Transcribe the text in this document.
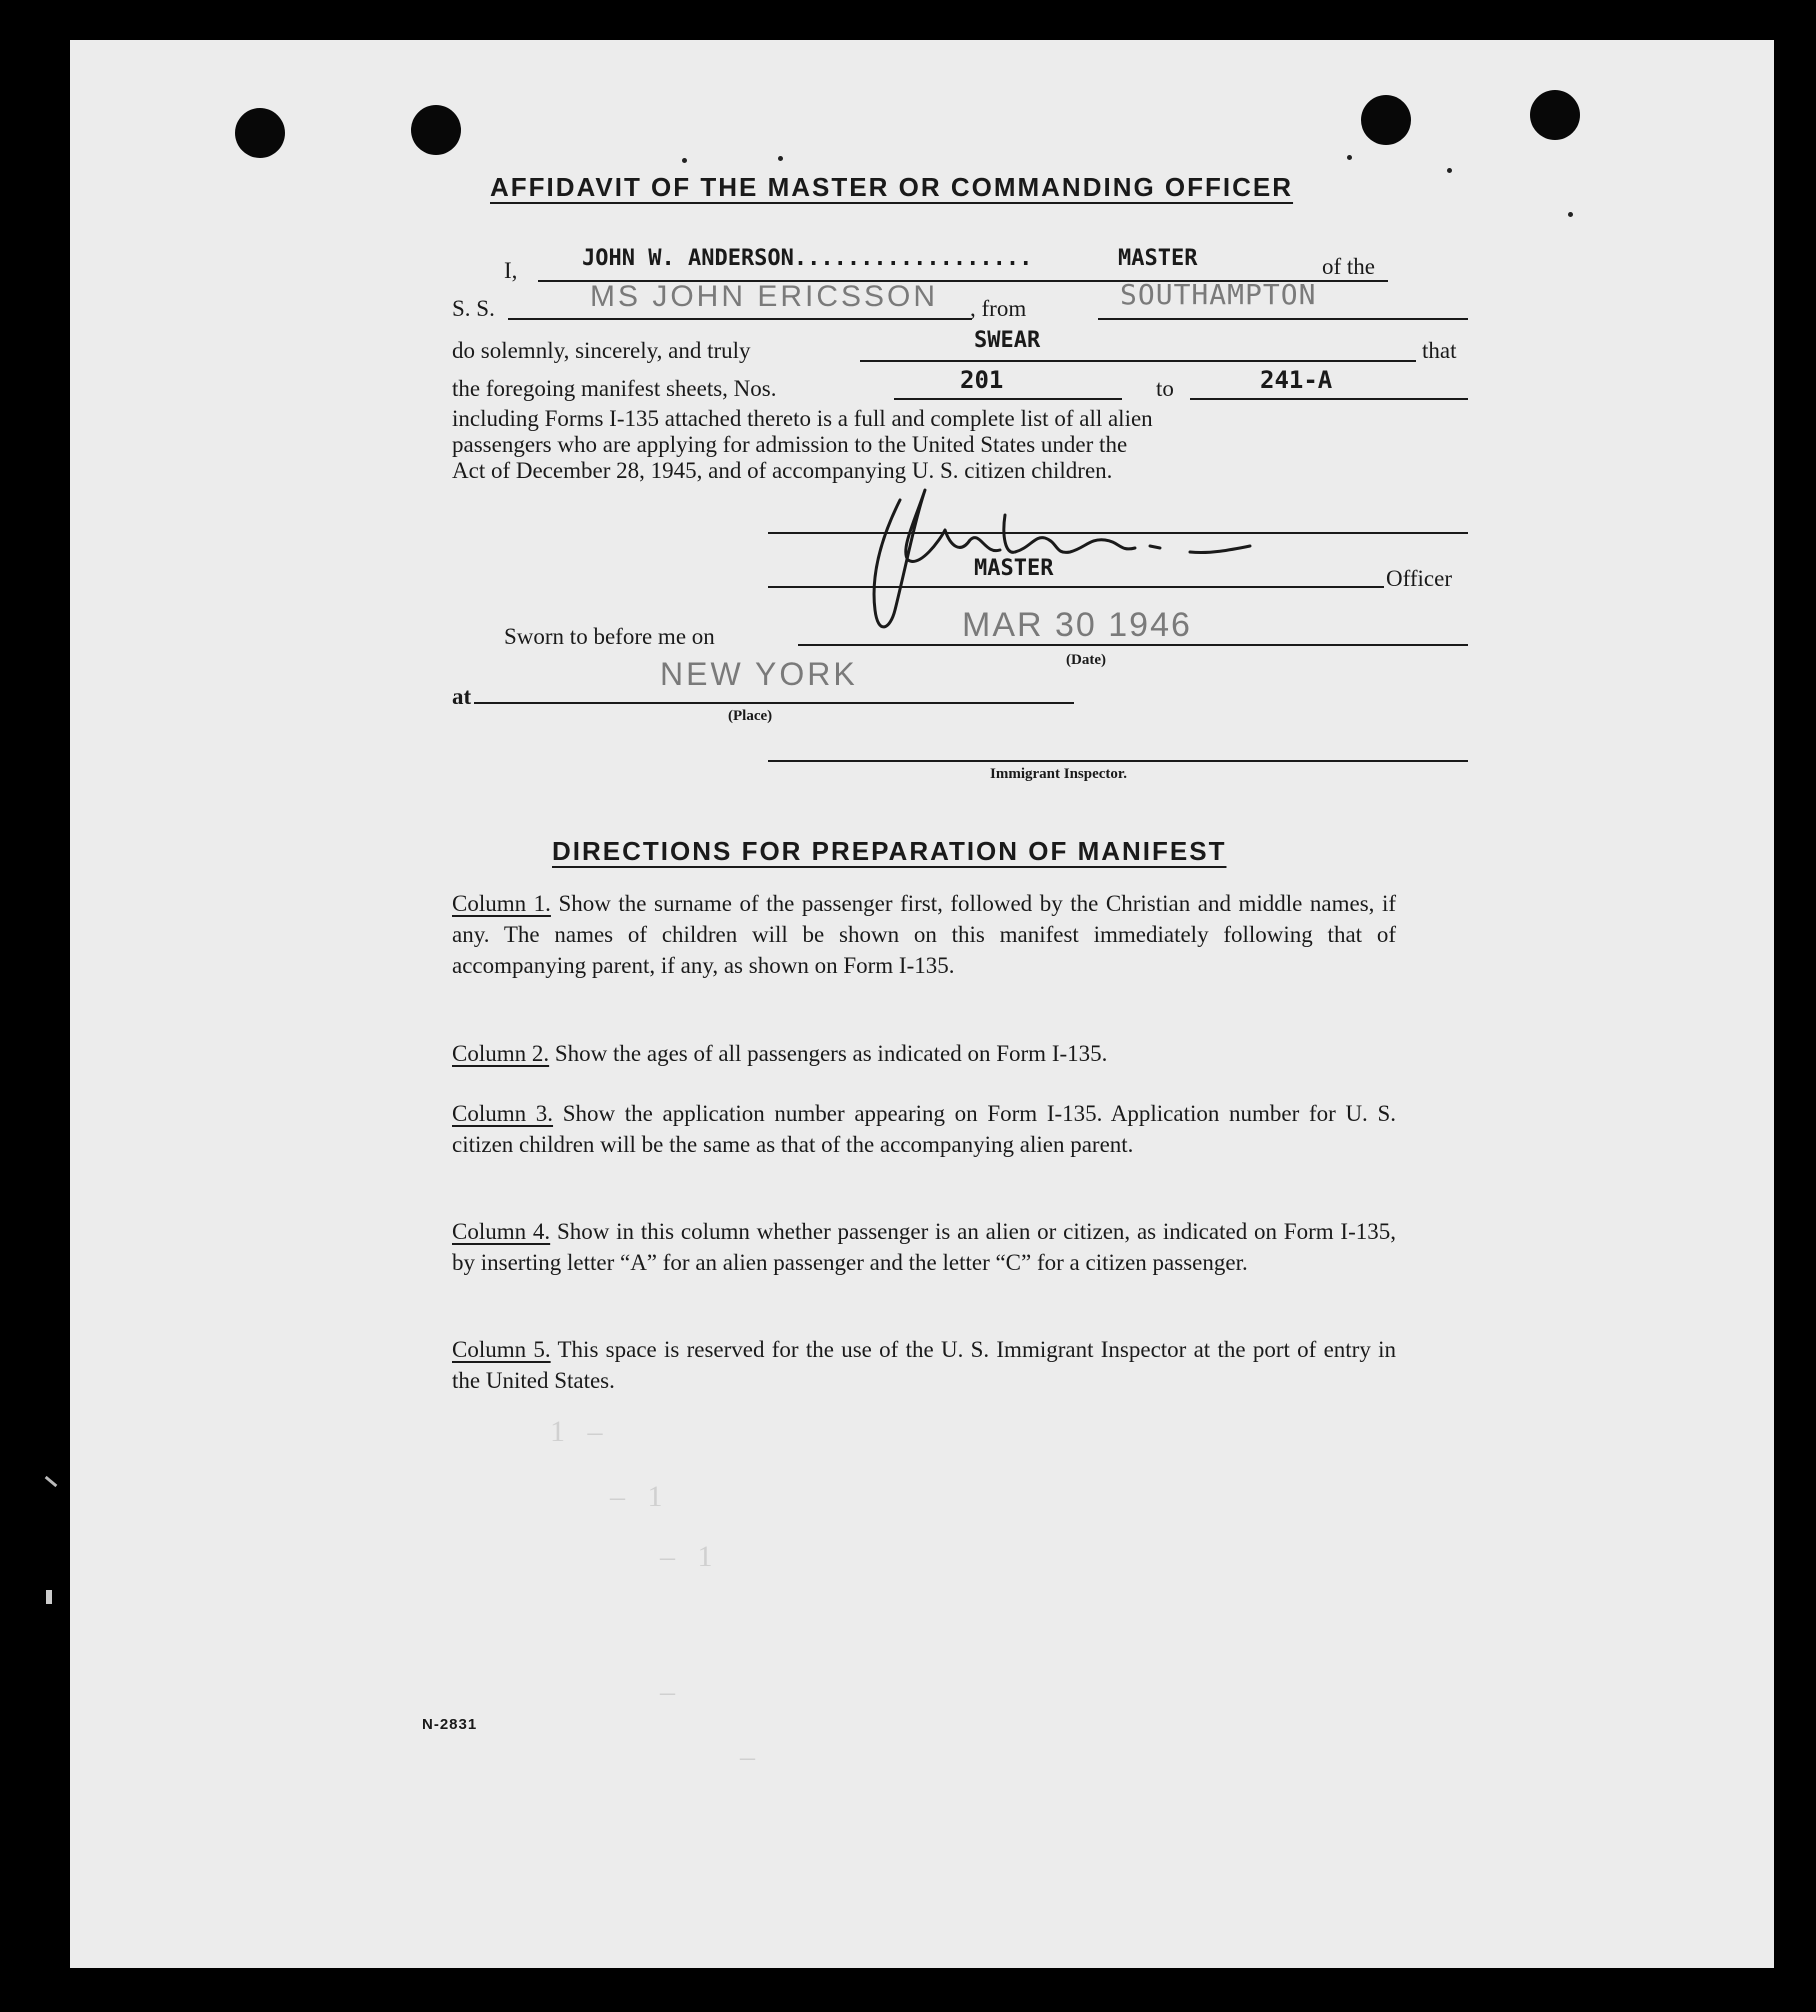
1   –
–   1
–   1
–
–
AFFIDAVIT OF THE MASTER OR COMMANDING OFFICER
I,	JOHN W. ANDERSON..................	MASTER	of the
S. S.	MS JOHN ERICSSON , from	SOUTHAMPTON
do solemnly, sincerely, and truly	SWEAR	that
the foregoing manifest sheets, Nos.	201	to	241-A
including Forms I-135 attached thereto is a full and complete list of all alien
passengers who are applying for admission to the United States under the
Act of December 28, 1945, and of accompanying U. S. citizen children.
MASTER	Officer
Sworn to before me on	MAR 30 1946
(Date)
at
NEW YORK
(Place)
Immigrant Inspector.
DIRECTIONS FOR PREPARATION OF MANIFEST
Column 1. Show the surname of the passenger first, followed by the Christian and middle names, if any. The names of children will be shown on this manifest immediately following that of accompanying parent, if any, as shown on Form I-135.
Column 2. Show the ages of all passengers as indicated on Form I-135.
Column 3. Show the application number appearing on Form I-135. Application number for U. S. citizen children will be the same as that of the accompanying alien parent.
Column 4. Show in this column whether passenger is an alien or citizen, as indicated on Form I-135, by inserting letter “A” for an alien passenger and the letter “C” for a citizen passenger.
Column 5. This space is reserved for the use of the U. S. Immigrant Inspector at the port of entry in the United States.
N-2831
